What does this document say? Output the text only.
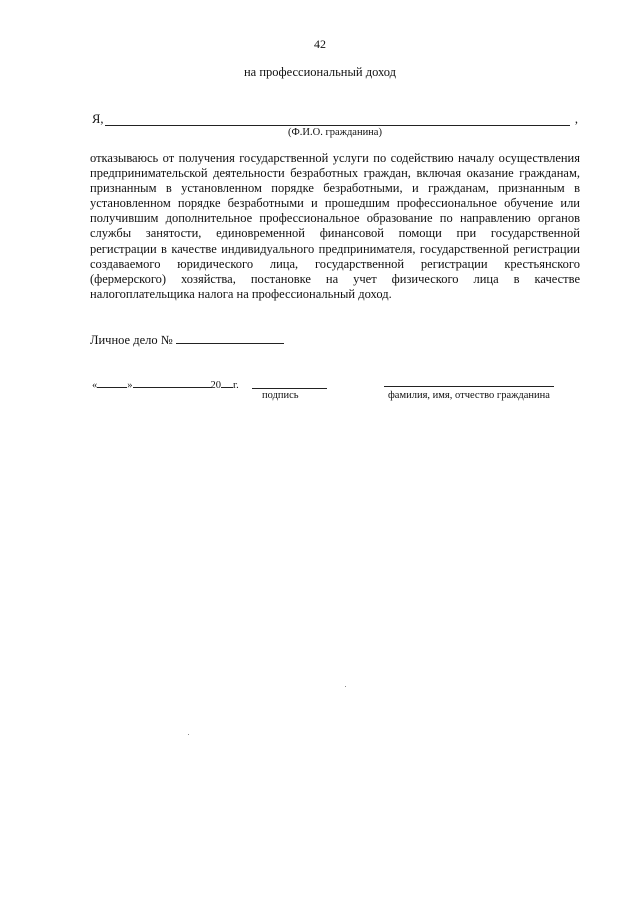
42
на профессиональный доход
Я,	,
(Ф.И.О. гражданина)

отказываюсь от получения государственной услуги по содействию началу осуществления предпринимательской деятельности безработных граждан, включая оказание гражданам, признанным в установленном порядке безработными, и гражданам, признанным в установленном порядке безработными и прошедшим профессиональное обучение или получившим дополнительное профессиональное образование по направлению органов службы занятости, единовременной финансовой помощи при государственной регистрации в качестве индивидуального предпринимателя, государственной регистрации создаваемого юридического лица, государственной регистрации крестьянского (фермерского) хозяйства, постановке на учет физического лица в качестве налогоплательщика налога на профессиональный доход.

Личное дело №
«	»	20 г.
подпись	фамилия, имя, отчество гражданина
